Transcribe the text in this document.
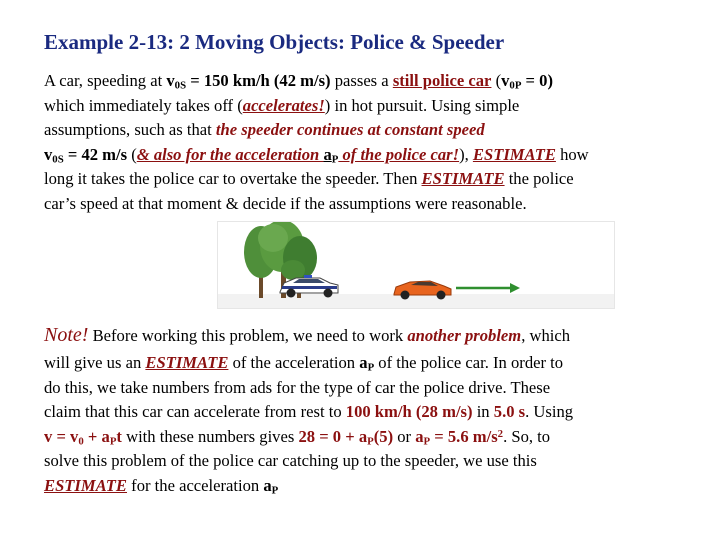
Example 2-13: 2 Moving Objects: Police & Speeder
A car, speeding at $v_{0S} = 150$ km/h (42 m/s) passes a still police car $(v_{0P} = 0)$
which immediately takes off (accelerates!) in hot pursuit. Using simple
assumptions, such as that the speeder continues at constant speed
$v_{0S} = 42$ m/s (& also for the acceleration $a_P$ of the police car!), ESTIMATE how
long it takes the police car to overtake the speeder. Then ESTIMATE the police
car’s speed at that moment & decide if the assumptions were reasonable.
Note! Before working this problem, we need to work another problem, which
will give us an ESTIMATE of the acceleration $a_P$ of the police car. In order to
do this, we take numbers from ads for the type of car the police drive. These
claim that this car can accelerate from rest to 100 km/h (28 m/s) in 5.0 s. Using
$v = v_0 + a_Pt$ with these numbers gives $28 = 0 + a_P(5)$ or $a_P = 5.6$ $m/s^2$. So, to
solve this problem of the police car catching up to the speeder, we use this
ESTIMATE for the acceleration $a_P$
